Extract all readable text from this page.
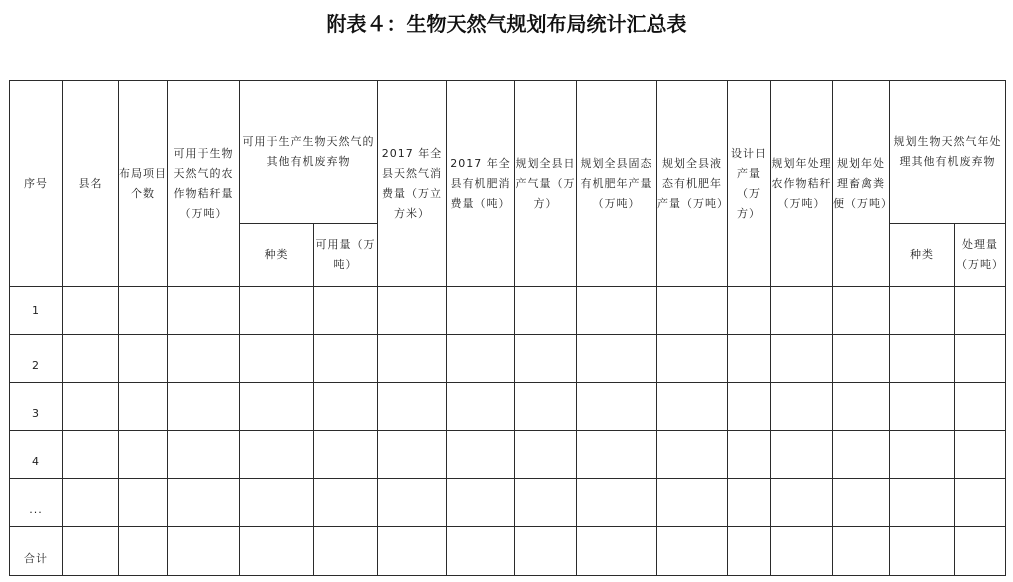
附表４：生物天然气规划布局统计汇总表
序号	县名	布局项目个数	可用于生物天然气的农作物秸秆量（万吨）	可用于生产生物天然气的其他有机废弃物		2017 年全县天然气消费量（万立方米）	2017 年全县有机肥消费量（吨）	规划全县日产气量（万方）	规划全县固态有机肥年产量（万吨）	规划全县液态有机肥年产量（万吨）	设计日产量（万方）	规划年处理农作物秸秆（万吨）	规划年处理畜禽粪便（万吨）	规划生物天然气年处理其他有机废弃物	
				种类	可用量（万吨）									种类	处理量（万吨）
1															
2															
3															
4															
...															
合计															
